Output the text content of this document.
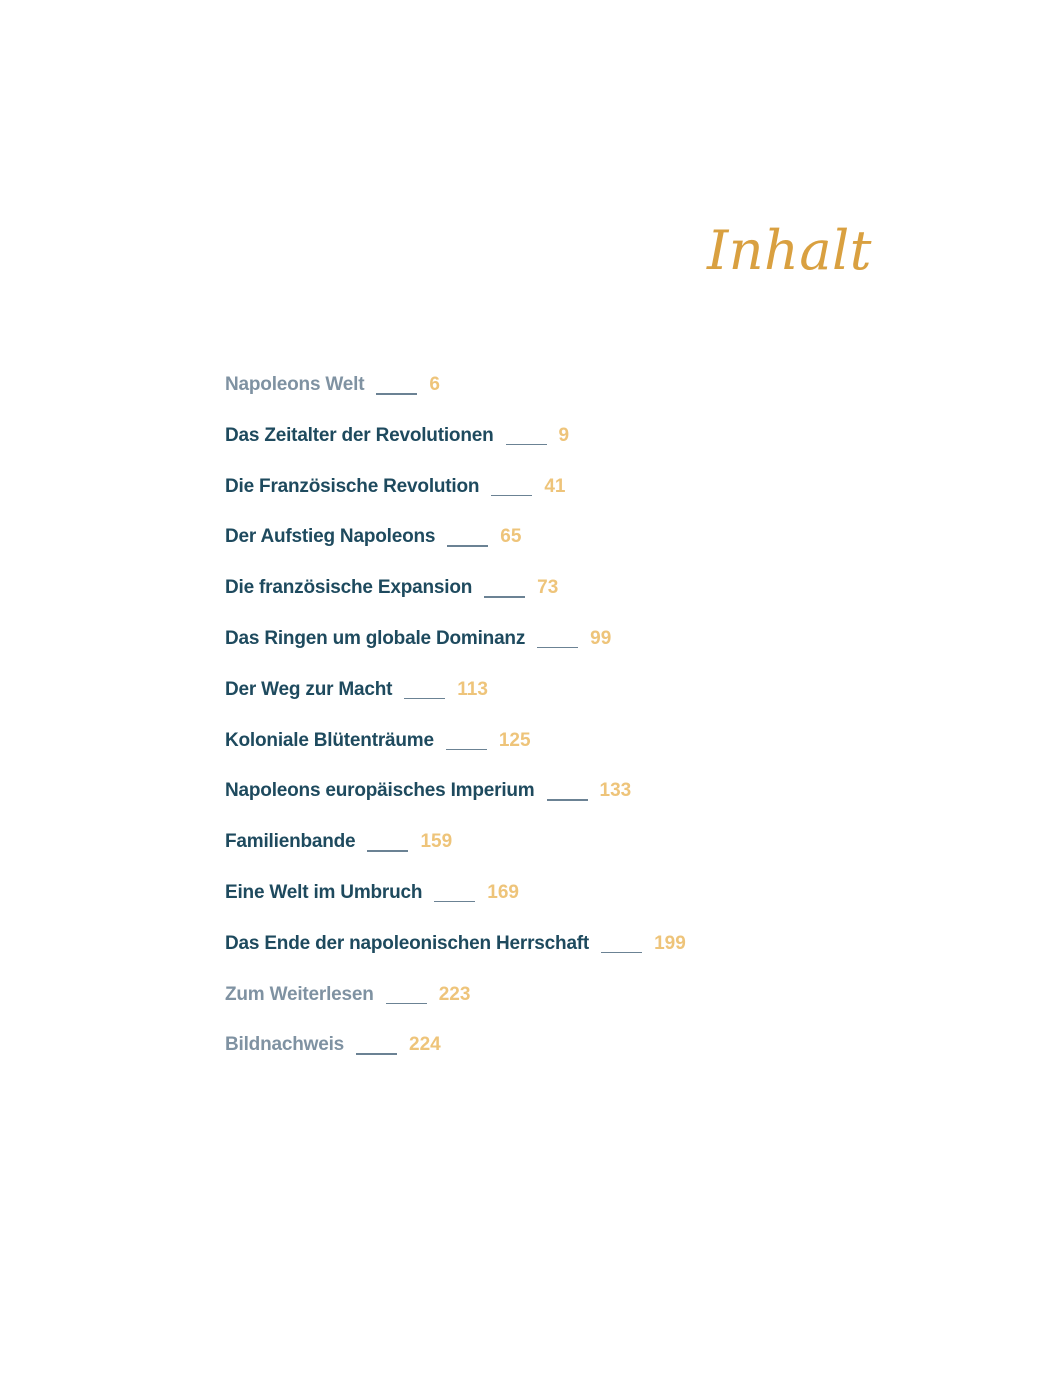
Inhalt
Napoleons Welt	6
Das Zeitalter der Revolutionen	9
Die Französische Revolution	41
Der Aufstieg Napoleons	65
Die französische Expansion	73
Das Ringen um globale Dominanz	99
Der Weg zur Macht	113
Koloniale Blütenträume	125
Napoleons europäisches Imperium	133
Familienbande	159
Eine Welt im Umbruch	169
Das Ende der napoleonischen Herrschaft	199
Zum Weiterlesen	223
Bildnachweis	224
